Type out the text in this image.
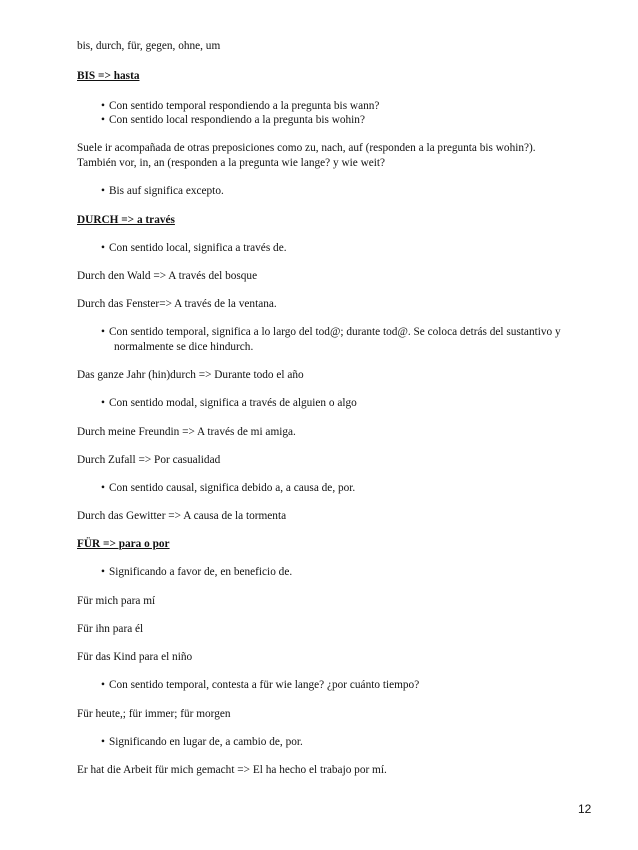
bis, durch, für, gegen, ohne, um
BIS => hasta
• Con sentido temporal respondiendo a la pregunta bis wann?
• Con sentido local respondiendo a la pregunta bis wohin?
Suele ir acompañada de otras preposiciones como zu, nach, auf (responden a la pregunta bis wohin?).
También vor, in, an (responden a la pregunta wie lange? y wie weit?
• Bis auf significa excepto.
DURCH => a través
• Con sentido local, significa a través de.
Durch den Wald => A través del bosque
Durch das Fenster=> A través de la ventana.
• Con sentido temporal, significa a lo largo del tod@; durante tod@. Se coloca detrás del sustantivo y
normalmente se dice hindurch.
Das ganze Jahr (hin)durch => Durante todo el año
• Con sentido modal, significa a través de alguien o algo
Durch meine Freundin => A través de mi amiga.
Durch Zufall => Por casualidad
• Con sentido causal, significa debido a, a causa de, por.
Durch das Gewitter => A causa de la tormenta
FÜR => para o por
• Significando a favor de, en beneficio de.
Für mich para mí
Für ihn para él
Für das Kind para el niño
• Con sentido temporal, contesta a für wie lange? ¿por cuánto tiempo?
Für heute,; für immer; für morgen
• Significando en lugar de, a cambio de, por.
Er hat die Arbeit für mich gemacht => El ha hecho el trabajo por mí.
12
